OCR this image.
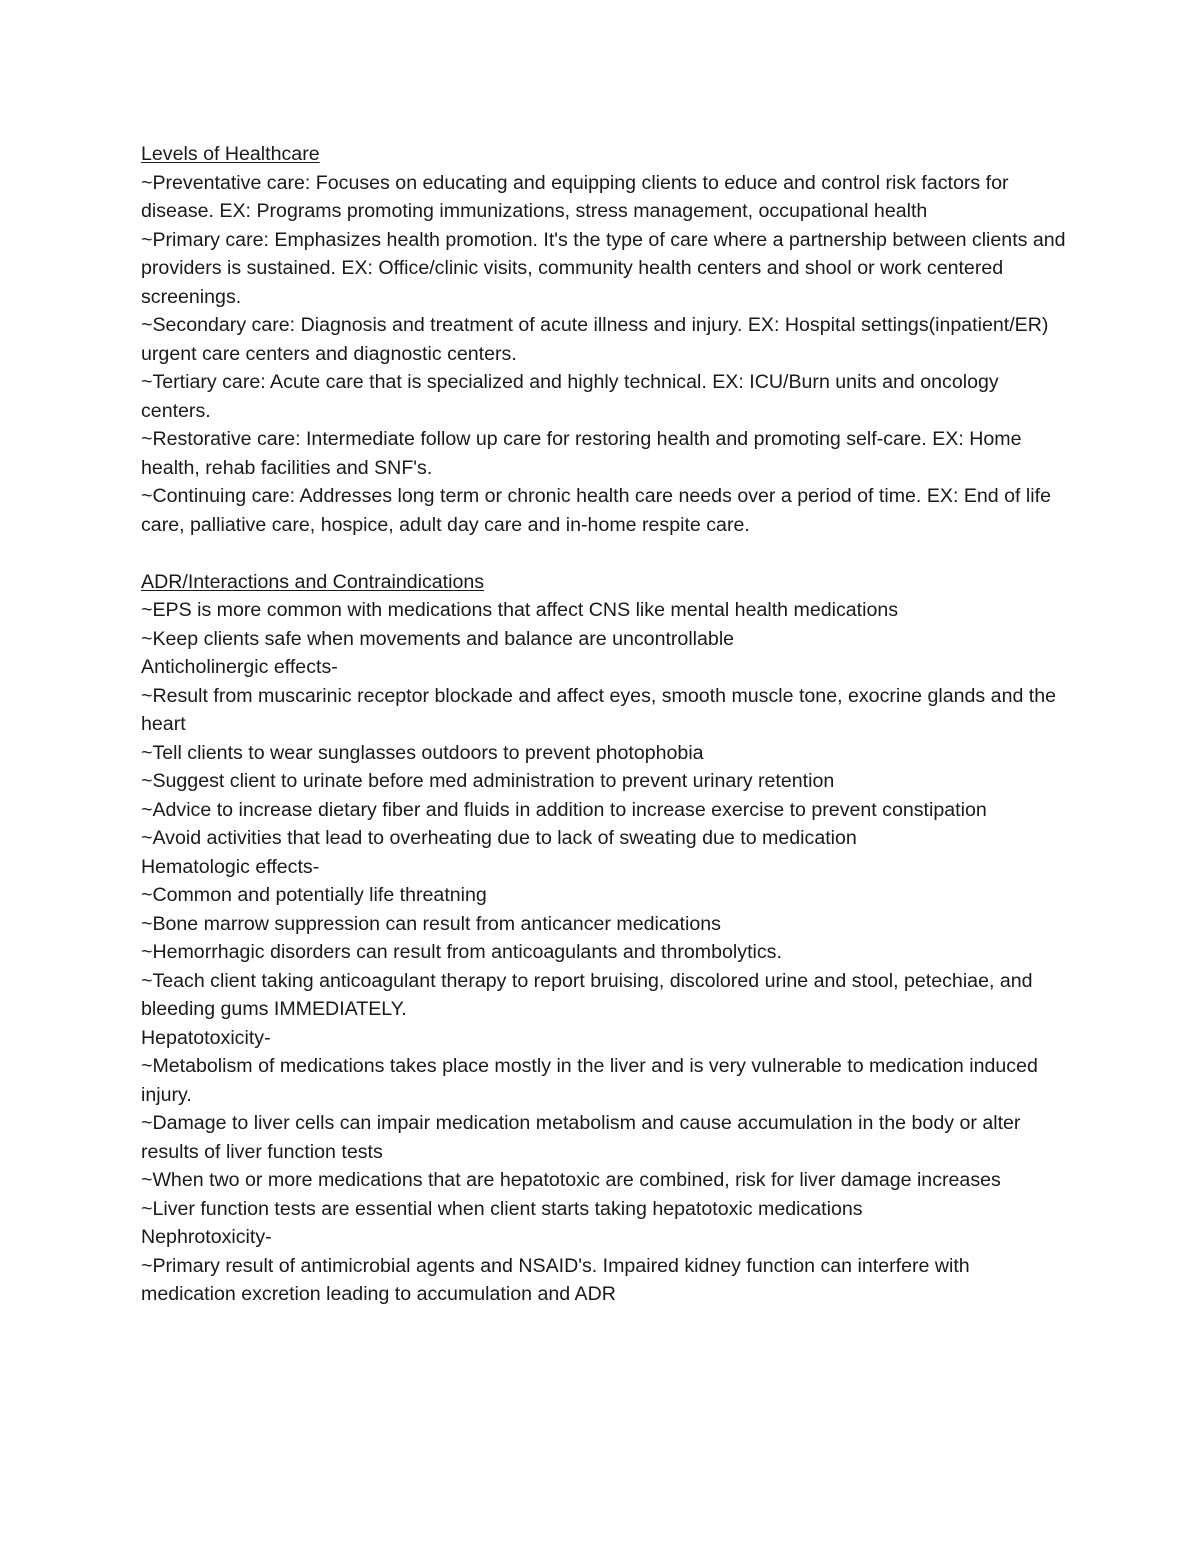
Levels of Healthcare

~Preventative care: Focuses on educating and equipping clients to educe and control risk factors for disease. EX: Programs promoting immunizations, stress management, occupational health

~Primary care: Emphasizes health promotion. It's the type of care where a partnership between clients and providers is sustained. EX: Office/clinic visits, community health centers and shool or work centered screenings.

~Secondary care: Diagnosis and treatment of acute illness and injury. EX: Hospital settings(inpatient/ER) urgent care centers and diagnostic centers.

~Tertiary care: Acute care that is specialized and highly technical. EX: ICU/Burn units and oncology centers.

~Restorative care: Intermediate follow up care for restoring health and promoting self-care. EX: Home health, rehab facilities and SNF's.

~Continuing care: Addresses long term or chronic health care needs over a period of time. EX: End of life care, palliative care, hospice, adult day care and in-home respite care.

ADR/Interactions and Contraindications

~EPS is more common with medications that affect CNS like mental health medications

~Keep clients safe when movements and balance are uncontrollable

Anticholinergic effects-

~Result from muscarinic receptor blockade and affect eyes, smooth muscle tone, exocrine glands and the heart

~Tell clients to wear sunglasses outdoors to prevent photophobia

~Suggest client to urinate before med administration to prevent urinary retention

~Advice to increase dietary fiber and fluids in addition to increase exercise to prevent constipation

~Avoid activities that lead to overheating due to lack of sweating due to medication

Hematologic effects-

~Common and potentially life threatning

~Bone marrow suppression can result from anticancer medications

~Hemorrhagic disorders can result from anticoagulants and thrombolytics.

~Teach client taking anticoagulant therapy to report bruising, discolored urine and stool, petechiae, and bleeding gums IMMEDIATELY.

Hepatotoxicity-

~Metabolism of medications takes place mostly in the liver and is very vulnerable to medication induced injury.

~Damage to liver cells can impair medication metabolism and cause accumulation in the body or alter results of liver function tests

~When two or more medications that are hepatotoxic are combined, risk for liver damage increases

~Liver function tests are essential when client starts taking hepatotoxic medications

Nephrotoxicity-

~Primary result of antimicrobial agents and NSAID's. Impaired kidney function can interfere with medication excretion leading to accumulation and ADR
